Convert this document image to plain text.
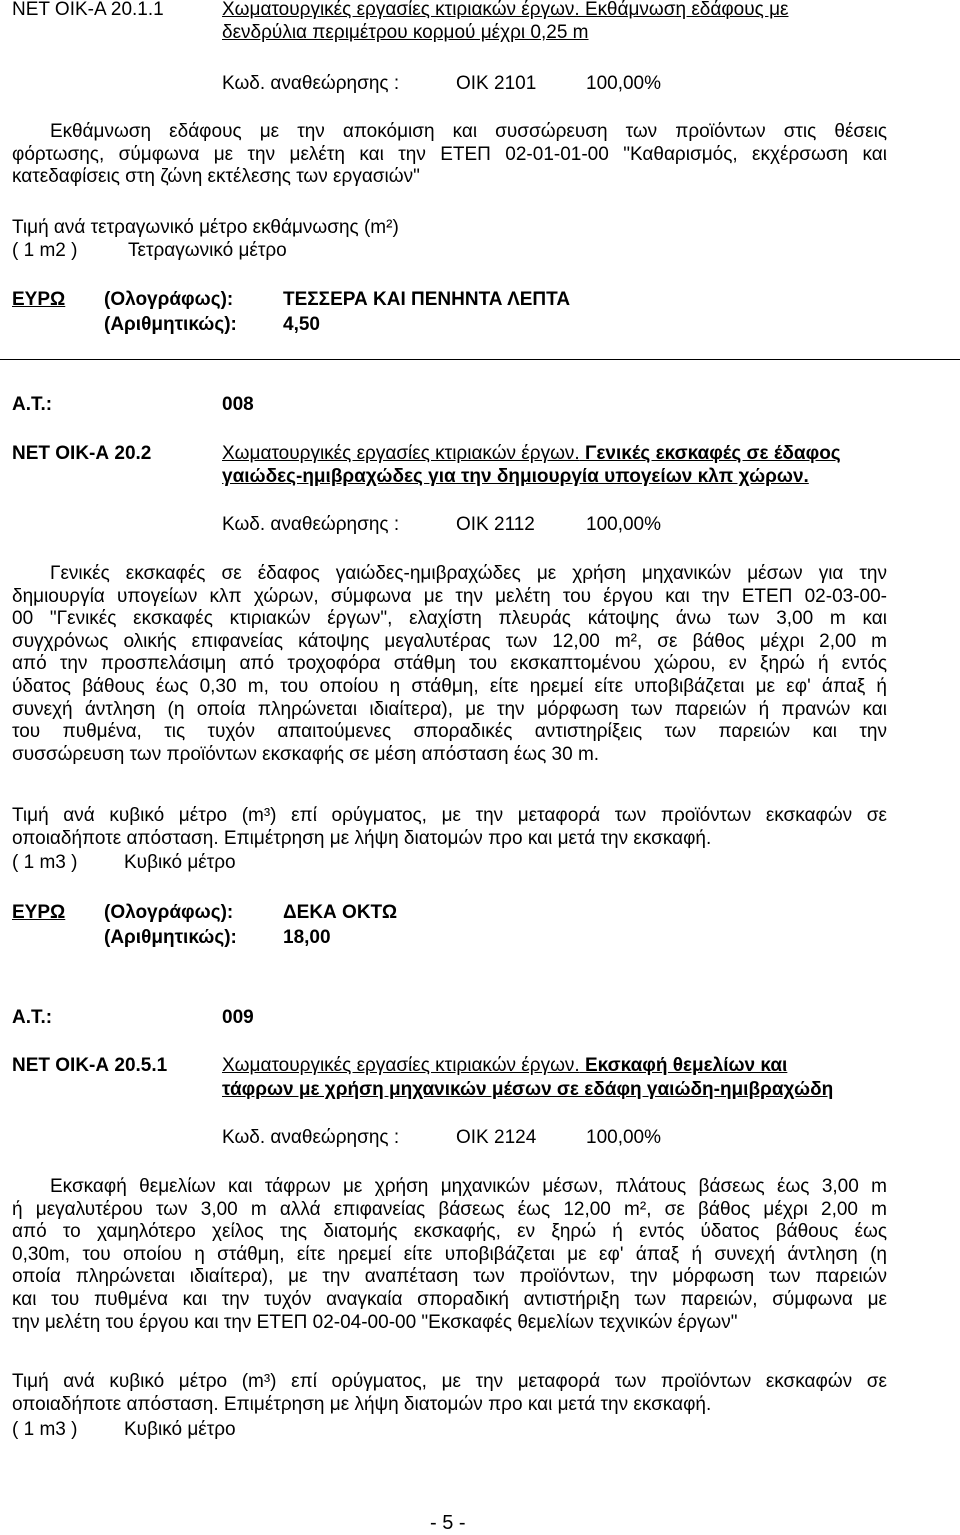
ΝΕΤ ΟΙΚ-Α 20.1.1	Χωματουργικές εργασίες κτιριακών έργων. Εκθάμνωση εδάφους με
δενδρύλια περιμέτρου κορμού μέχρι 0,25 m
Κωδ. αναθεώρησης :	ΟΙΚ 2101	100,00%
Εκθάμνωση εδάφους με την αποκόμιση και συσσώρευση των προϊόντων στις θέσεις
φόρτωσης, σύμφωνα με την μελέτη και την ΕΤΕΠ 02-01-01-00 "Καθαρισμός, εκχέρσωση και
κατεδαφίσεις στη ζώνη εκτέλεσης των εργασιών"
Τιμή ανά τετραγωνικό μέτρο εκθάμνωσης (m²)
( 1 m2 )	Τετραγωνικό μέτρο
ΕΥΡΩ (Ολογράφως):	ΤΕΣΣΕΡΑ ΚΑΙ ΠΕΝΗΝΤΑ ΛΕΠΤΑ
(Αριθμητικώς): 4,50
Α.Τ.:	008
ΝΕΤ ΟΙΚ-Α 20.2	Χωματουργικές εργασίες κτιριακών έργων. Γενικές εκσκαφές σε έδαφος
γαιώδες-ημιβραχώδες για την δημιουργία υπογείων κλπ χώρων.
Κωδ. αναθεώρησης :	ΟΙΚ 2112	100,00%
Γενικές εκσκαφές σε έδαφος γαιώδες-ημιβραχώδες με χρήση μηχανικών μέσων για την
δημιουργία υπογείων κλπ χώρων, σύμφωνα με την μελέτη του έργου και την ΕΤΕΠ 02-03-00-
00 "Γενικές εκσκαφές κτιριακών έργων", ελαχίστη πλευράς κάτοψης άνω των 3,00 m και
συγχρόνως ολικής επιφανείας κάτοψης μεγαλυτέρας των 12,00 m², σε βάθος μέχρι 2,00 m
από την προσπελάσιμη από τροχοφόρα στάθμη του εκσκαπτομένου χώρου, εν ξηρώ ή εντός
ύδατος βάθους έως 0,30 m, του οποίου η στάθμη, είτε ηρεμεί είτε υποβιβάζεται με εφ' άπαξ ή
συνεχή άντληση (η οποία πληρώνεται ιδιαίτερα), με την μόρφωση των παρειών ή πρανών και
του πυθμένα, τις τυχόν απαιτούμενες σποραδικές αντιστηρίξεις των παρειών και την
συσσώρευση των προϊόντων εκσκαφής σε μέση απόσταση έως 30 m.
Τιμή ανά κυβικό μέτρο (m³) επί ορύγματος, με την μεταφορά των προϊόντων εκσκαφών σε
οποιαδήποτε απόσταση. Επιμέτρηση με λήψη διατομών προ και μετά την εκσκαφή.
( 1 m3 ) Κυβικό μέτρο
ΕΥΡΩ (Ολογράφως):	ΔΕΚΑ ΟΚΤΩ
(Αριθμητικώς): 18,00
Α.Τ.:	009
ΝΕΤ ΟΙΚ-Α 20.5.1	Χωματουργικές εργασίες κτιριακών έργων. Εκσκαφή θεμελίων και
τάφρων με χρήση μηχανικών μέσων σε εδάφη γαιώδη-ημιβραχώδη
Κωδ. αναθεώρησης :	ΟΙΚ 2124	100,00%
Εκσκαφή θεμελίων και τάφρων με χρήση μηχανικών μέσων, πλάτους βάσεως έως 3,00 m
ή μεγαλυτέρου των 3,00 m αλλά επιφανείας βάσεως έως 12,00 m², σε βάθος μέχρι 2,00 m
από το χαμηλότερο χείλος της διατομής εκσκαφής, εν ξηρώ ή εντός ύδατος βάθους έως
0,30m, του οποίου η στάθμη, είτε ηρεμεί είτε υποβιβάζεται με εφ' άπαξ ή συνεχή άντληση (η
οποία πληρώνεται ιδιαίτερα), με την αναπέταση των προϊόντων, την μόρφωση των παρειών
και του πυθμένα και την τυχόν αναγκαία σποραδική αντιστήριξη των παρειών, σύμφωνα με
την μελέτη του έργου και την ΕΤΕΠ 02-04-00-00 "Εκσκαφές θεμελίων τεχνικών έργων"
Τιμή ανά κυβικό μέτρο (m³) επί ορύγματος, με την μεταφορά των προϊόντων εκσκαφών σε
οποιαδήποτε απόσταση. Επιμέτρηση με λήψη διατομών προ και μετά την εκσκαφή.
( 1 m3 ) Κυβικό μέτρο
- 5 -
